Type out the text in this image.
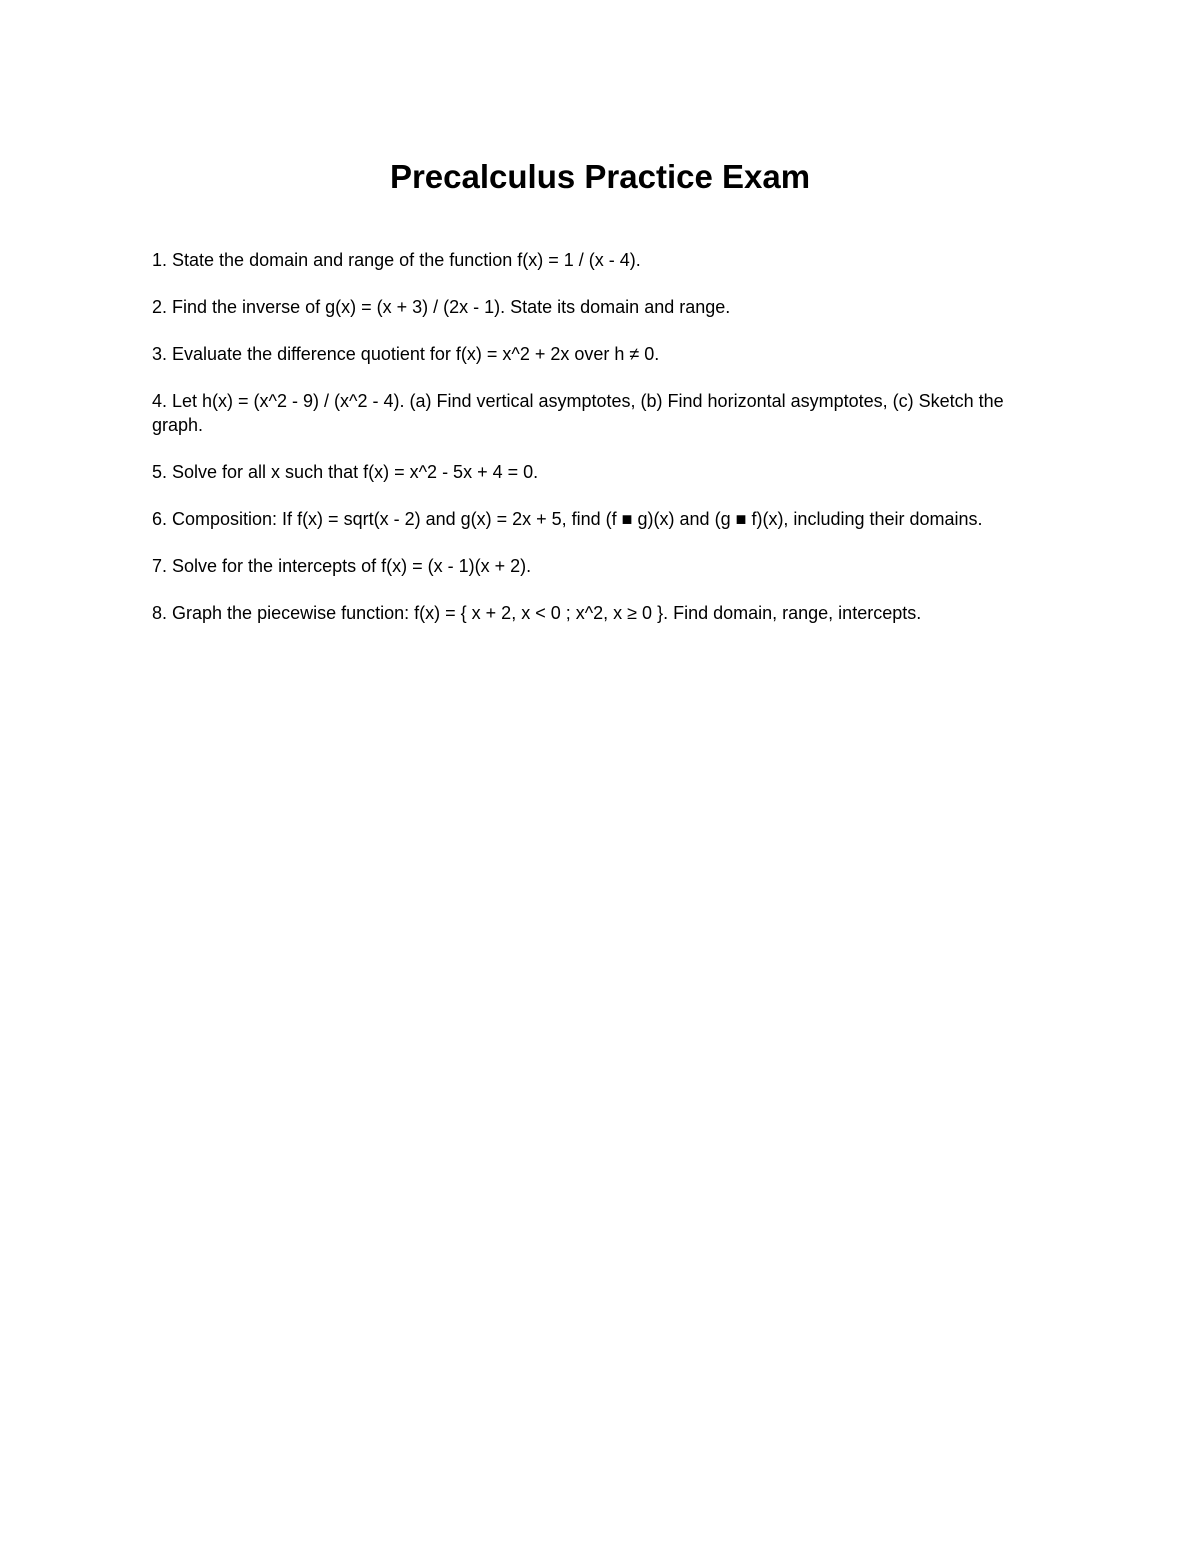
Precalculus Practice Exam
1. State the domain and range of the function f(x) = 1 / (x - 4).
2. Find the inverse of g(x) = (x + 3) / (2x - 1). State its domain and range.
3. Evaluate the difference quotient for f(x) = x^2 + 2x over h ≠ 0.
4. Let h(x) = (x^2 - 9) / (x^2 - 4). (a) Find vertical asymptotes, (b) Find horizontal asymptotes, (c) Sketch the graph.
5. Solve for all x such that f(x) = x^2 - 5x + 4 = 0.
6. Composition: If f(x) = sqrt(x - 2) and g(x) = 2x + 5, find (f ■ g)(x) and (g ■ f)(x), including their domains.
7. Solve for the intercepts of f(x) = (x - 1)(x + 2).
8. Graph the piecewise function: f(x) = { x + 2, x < 0 ; x^2, x ≥ 0 }. Find domain, range, intercepts.
